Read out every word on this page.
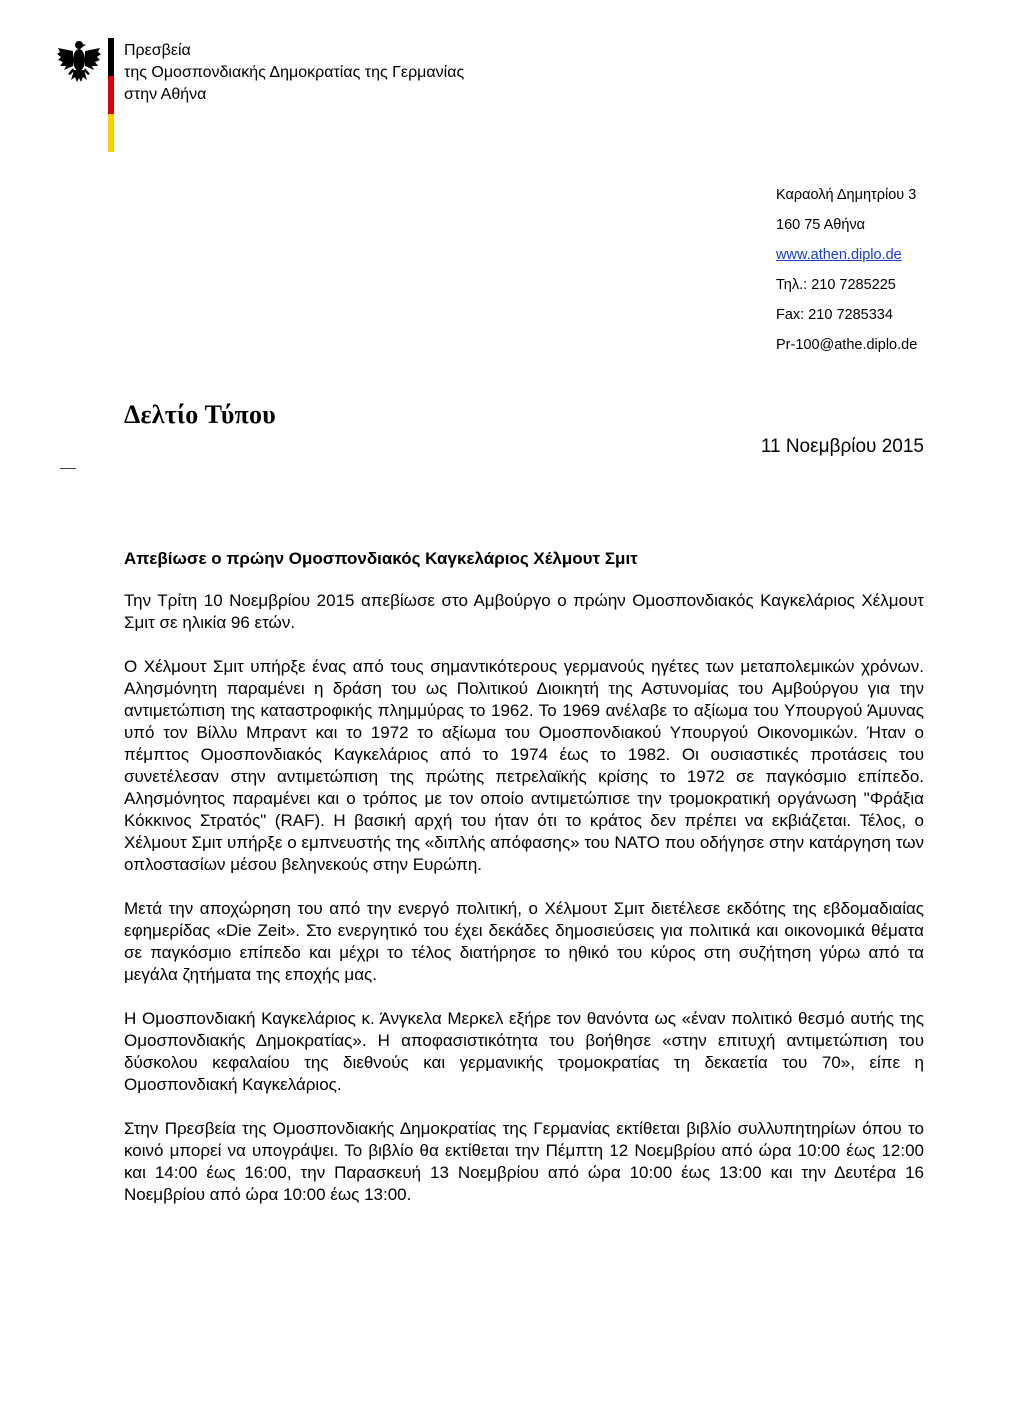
Πρεσβεία
της Ομοσπονδιακής Δημοκρατίας της Γερμανίας
στην Αθήνα
Καραολή Δημητρίου 3
160 75 Αθήνα
www.athen.diplo.de
Τηλ.: 210 7285225
Fax: 210 7285334
Pr-100@athe.diplo.de
Δελτίο Τύπου
11 Νοεμβρίου 2015
Απεβίωσε ο πρώην Ομοσπονδιακός Καγκελάριος Χέλμουτ Σμιτ

Την Τρίτη 10 Νοεμβρίου 2015 απεβίωσε στο Αμβούργο ο πρώην Ομοσπονδιακός Καγκελάριος Χέλμουτ Σμιτ σε ηλικία 96 ετών.

Ο Χέλμουτ Σμιτ υπήρξε ένας από τους σημαντικότερους γερμανούς ηγέτες των μεταπολεμικών χρόνων. Αλησμόνητη παραμένει η δράση του ως Πολιτικού Διοικητή της Αστυνομίας του Αμβούργου για την αντιμετώπιση της καταστροφικής πλημμύρας το 1962. Το 1969 ανέλαβε το αξίωμα του Υπουργού Άμυνας υπό τον Βίλλυ Μπραντ και το 1972 το αξίωμα του Ομοσπονδιακού Υπουργού Οικονομικών. Ήταν ο πέμπτος Ομοσπονδιακός Καγκελάριος από το 1974 έως το 1982. Οι ουσιαστικές προτάσεις του συνετέλεσαν στην αντιμετώπιση της πρώτης πετρελαϊκής κρίσης το 1972 σε παγκόσμιο επίπεδο. Αλησμόνητος παραμένει και ο τρόπος με τον οποίο αντιμετώπισε την τρομοκρατική οργάνωση "Φράξια Κόκκινος Στρατός" (RAF). Η βασική αρχή του ήταν ότι το κράτος δεν πρέπει να εκβιάζεται. Τέλος, ο Χέλμουτ Σμιτ υπήρξε ο εμπνευστής της «διπλής απόφασης» του ΝΑΤΟ που οδήγησε στην κατάργηση των οπλοστασίων μέσου βεληνεκούς στην Ευρώπη.

Μετά την αποχώρηση του από την ενεργό πολιτική, ο Χέλμουτ Σμιτ διετέλεσε εκδότης της εβδομαδιαίας εφημερίδας «Die Zeit». Στο ενεργητικό του έχει δεκάδες δημοσιεύσεις για πολιτικά και οικονομικά θέματα σε παγκόσμιο επίπεδο και μέχρι το τέλος διατήρησε το ηθικό του κύρος στη συζήτηση γύρω από τα μεγάλα ζητήματα της εποχής μας.

Η Ομοσπονδιακή Καγκελάριος κ. Άνγκελα Μερκελ εξήρε τον θανόντα ως «έναν πολιτικό θεσμό αυτής της Ομοσπονδιακής Δημοκρατίας». Η αποφασιστικότητα του βοήθησε «στην επιτυχή αντιμετώπιση του δύσκολου κεφαλαίου της διεθνούς και γερμανικής τρομοκρατίας τη δεκαετία του 70», είπε η Ομοσπονδιακή Καγκελάριος.

Στην Πρεσβεία της Ομοσπονδιακής Δημοκρατίας της Γερμανίας εκτίθεται βιβλίο συλλυπητηρίων όπου το κοινό μπορεί να υπογράψει. Το βιβλίο θα εκτίθεται την Πέμπτη 12 Νοεμβρίου από ώρα 10:00 έως 12:00 και 14:00 έως 16:00, την Παρασκευή 13 Νοεμβρίου από ώρα 10:00 έως 13:00 και την Δευτέρα 16 Νοεμβρίου από ώρα 10:00 έως 13:00.
